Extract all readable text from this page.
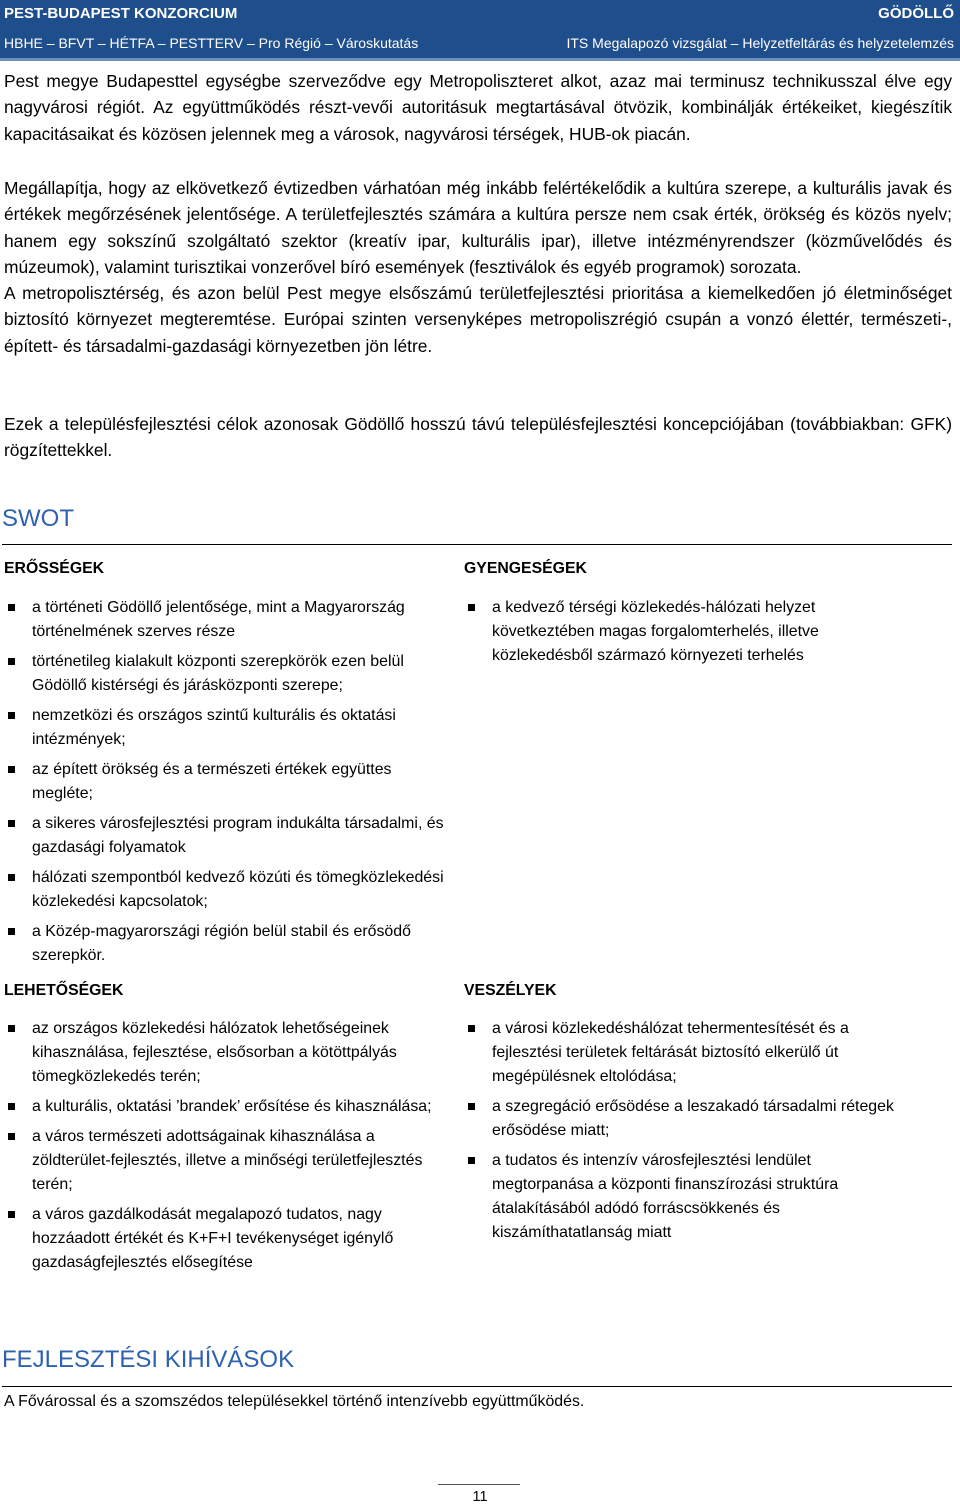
PEST-BUDAPEST KONZORCIUM	GÖDÖLLŐ
HBHE – BFVT – HÉTFA – PESTTERV – Pro Régió – Városkutatás	ITS Megalapozó vizsgálat – Helyzetfeltárás és helyzetelemzés

Pest megye Budapesttel egységbe szerveződve egy Metropoliszteret alkot, azaz mai terminusz technikusszal élve egy nagyvárosi régiót. Az együttműködés részt-vevői autoritásuk megtartásával ötvözik, kombinálják értékeiket, kiegészítik kapacitásaikat és közösen jelennek meg a városok, nagyvárosi térségek, HUB-ok piacán.

Megállapítja, hogy az elkövetkező évtizedben várhatóan még inkább felértékelődik a kultúra szerepe, a kulturális javak és értékek megőrzésének jelentősége. A területfejlesztés számára a kultúra persze nem csak érték, örökség és közös nyelv; hanem egy sokszínű szolgáltató szektor (kreatív ipar, kulturális ipar), illetve intézményrendszer (közművelődés és múzeumok), valamint turisztikai vonzerővel bíró események (fesztiválok és egyéb programok) sorozata.
A metropolisztérség, és azon belül Pest megye elsőszámú területfejlesztési prioritása a kiemelkedően jó életminőséget biztosító környezet megteremtése. Európai szinten versenyképes metropoliszrégió csupán a vonzó élettér, természeti-, épített- és társadalmi-gazdasági környezetben jön létre.

Ezek a településfejlesztési célok azonosak Gödöllő hosszú távú településfejlesztési koncepciójában (továbbiakban: GFK) rögzítettekkel.

SWOT
ERŐSSÉGEK	GYENGESÉGEK
a történeti Gödöllő jelentősége, mint a Magyarország történelmének szerves része
történetileg kialakult központi szerepkörök ezen belül Gödöllő kistérségi és járásközponti szerepe;
nemzetközi és országos szintű kulturális és oktatási intézmények;
az épített örökség és a természeti értékek együttes megléte;
a sikeres városfejlesztési program indukálta társadalmi, és gazdasági folyamatok
hálózati szempontból kedvező közúti és tömegközlekedési közlekedési kapcsolatok;
a Közép-magyarországi régión belül stabil és erősödő szerepkör.
a kedvező térségi közlekedés-hálózati helyzet következtében magas forgalomterhelés, illetve közlekedésből származó környezeti terhelés
LEHETŐSÉGEK	VESZÉLYEK
az országos közlekedési hálózatok lehetőségeinek kihasználása, fejlesztése, elsősorban a kötöttpályás tömegközlekedés terén;
a kulturális, oktatási ’brandek’ erősítése és kihasználása;
a város természeti adottságainak kihasználása a zöldterület-fejlesztés, illetve a minőségi területfejlesztés terén;
a város gazdálkodását megalapozó tudatos, nagy hozzáadott értékét és K+F+I tevékenységet igénylő gazdaságfejlesztés elősegítése
a városi közlekedéshálózat tehermentesítését és a fejlesztési területek feltárását biztosító elkerülő út megépülésnek eltolódása;
a szegregáció erősödése a leszakadó társadalmi rétegek erősödése miatt;
a tudatos és intenzív városfejlesztési lendület megtorpanása a központi finanszírozási struktúra átalakításából adódó forráscsökkenés és kiszámíthatatlanság miatt
FEJLESZTÉSI KIHÍVÁSOK

A Fővárossal és a szomszédos településekkel történő intenzívebb együttműködés.

11
